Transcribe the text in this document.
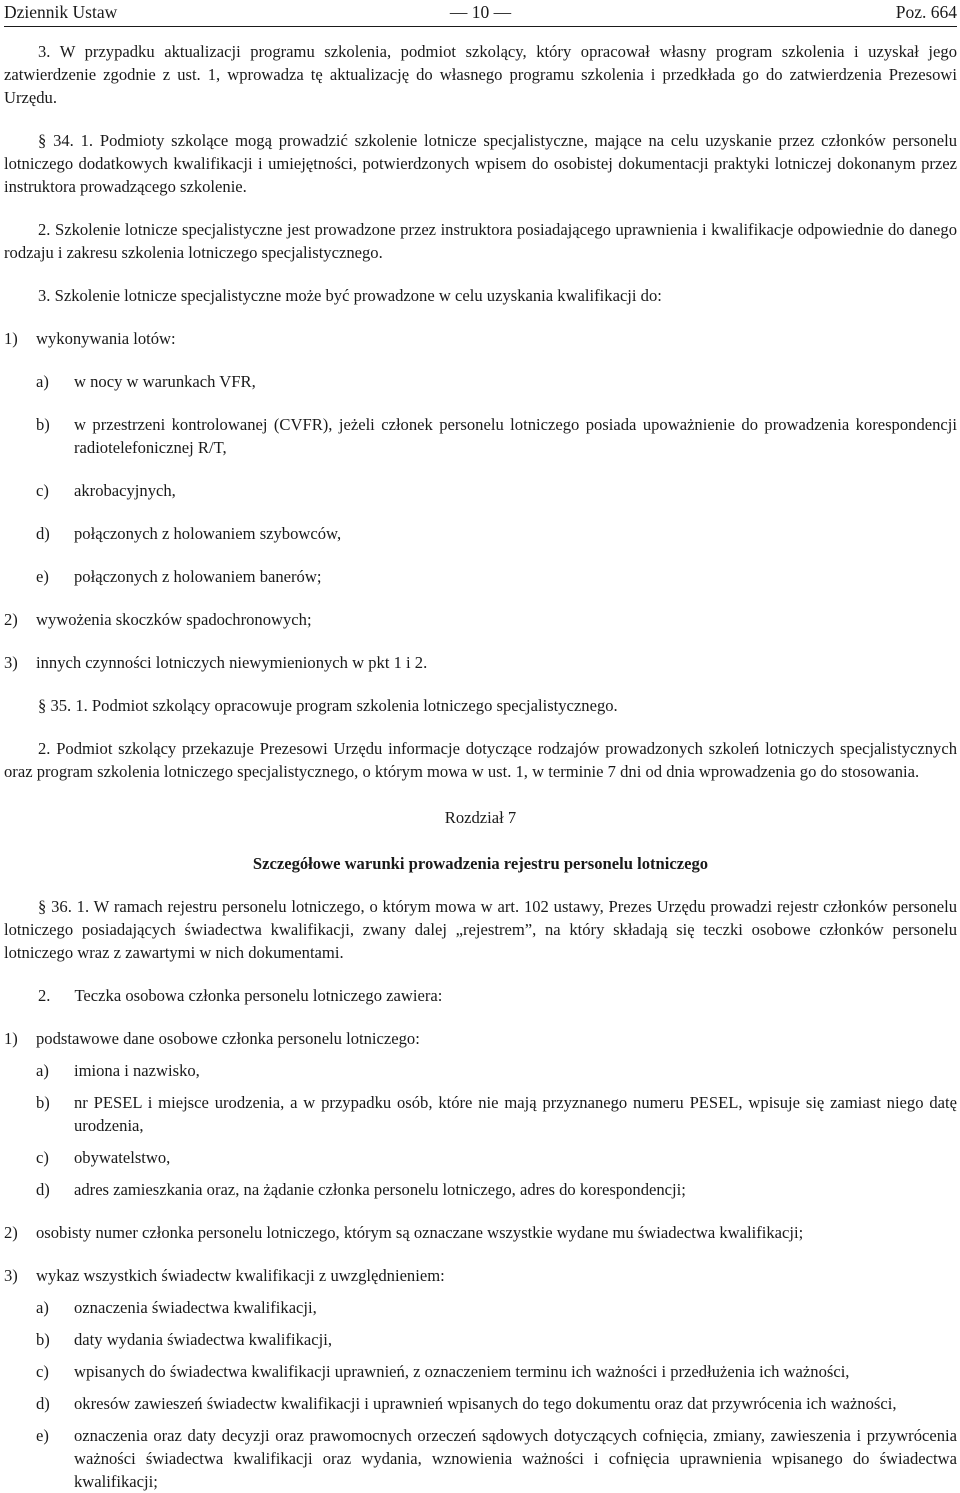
Dziennik Ustaw	— 10 —	Poz. 664

3. W przypadku aktualizacji programu szkolenia, podmiot szkolący, który opracował własny program szkolenia i uzyskał jego zatwierdzenie zgodnie z ust. 1, wprowadza tę aktualizację do własnego programu szkolenia i przedkłada go do zatwierdzenia Prezesowi Urzędu.

§ 34. 1. Podmioty szkolące mogą prowadzić szkolenie lotnicze specjalistyczne, mające na celu uzyskanie przez członków personelu lotniczego dodatkowych kwalifikacji i umiejętności, potwierdzonych wpisem do osobistej dokumentacji praktyki lotniczej dokonanym przez instruktora prowadzącego szkolenie.

2. Szkolenie lotnicze specjalistyczne jest prowadzone przez instruktora posiadającego uprawnienia i kwalifikacje odpowiednie do danego rodzaju i zakresu szkolenia lotniczego specjalistycznego.

3. Szkolenie lotnicze specjalistyczne może być prowadzone w celu uzyskania kwalifikacji do:

1)	wykonywania lotów:
a)	w nocy w warunkach VFR,
b)	w przestrzeni kontrolowanej (CVFR), jeżeli członek personelu lotniczego posiada upoważnienie do prowadzenia korespondencji radiotelefonicznej R/T,
c)	akrobacyjnych,
d)	połączonych z holowaniem szybowców,
e)	połączonych z holowaniem banerów;
2)	wywożenia skoczków spadochronowych;
3)	innych czynności lotniczych niewymienionych w pkt 1 i 2.

§ 35. 1. Podmiot szkolący opracowuje program szkolenia lotniczego specjalistycznego.

2. Podmiot szkolący przekazuje Prezesowi Urzędu informacje dotyczące rodzajów prowadzonych szkoleń lotniczych specjalistycznych oraz program szkolenia lotniczego specjalistycznego, o którym mowa w ust. 1, w terminie 7 dni od dnia wprowadzenia go do stosowania.

Rozdział 7

Szczegółowe warunki prowadzenia rejestru personelu lotniczego

§ 36. 1. W ramach rejestru personelu lotniczego, o którym mowa w art. 102 ustawy, Prezes Urzędu prowadzi rejestr członków personelu lotniczego posiadających świadectwa kwalifikacji, zwany dalej „rejestrem”, na który składają się teczki osobowe członków personelu lotniczego wraz z zawartymi w nich dokumentami.

2. Teczka osobowa członka personelu lotniczego zawiera:

1)	podstawowe dane osobowe członka personelu lotniczego:
a)	imiona i nazwisko,
b)	nr PESEL i miejsce urodzenia, a w przypadku osób, które nie mają przyznanego numeru PESEL, wpisuje się zamiast niego datę urodzenia,
c)	obywatelstwo,
d)	adres zamieszkania oraz, na żądanie członka personelu lotniczego, adres do korespondencji;
2)	osobisty numer członka personelu lotniczego, którym są oznaczane wszystkie wydane mu świadectwa kwalifikacji;
3)	wykaz wszystkich świadectw kwalifikacji z uwzględnieniem:
a)	oznaczenia świadectwa kwalifikacji,
b)	daty wydania świadectwa kwalifikacji,
c)	wpisanych do świadectwa kwalifikacji uprawnień, z oznaczeniem terminu ich ważności i przedłużenia ich ważności,
d)	okresów zawieszeń świadectw kwalifikacji i uprawnień wpisanych do tego dokumentu oraz dat przywrócenia ich ważności,
e)	oznaczenia oraz daty decyzji oraz prawomocnych orzeczeń sądowych dotyczących cofnięcia, zmiany, zawieszenia i przywrócenia ważności świadectwa kwalifikacji oraz wydania, wznowienia ważności i cofnięcia uprawnienia wpisanego do świadectwa kwalifikacji;
